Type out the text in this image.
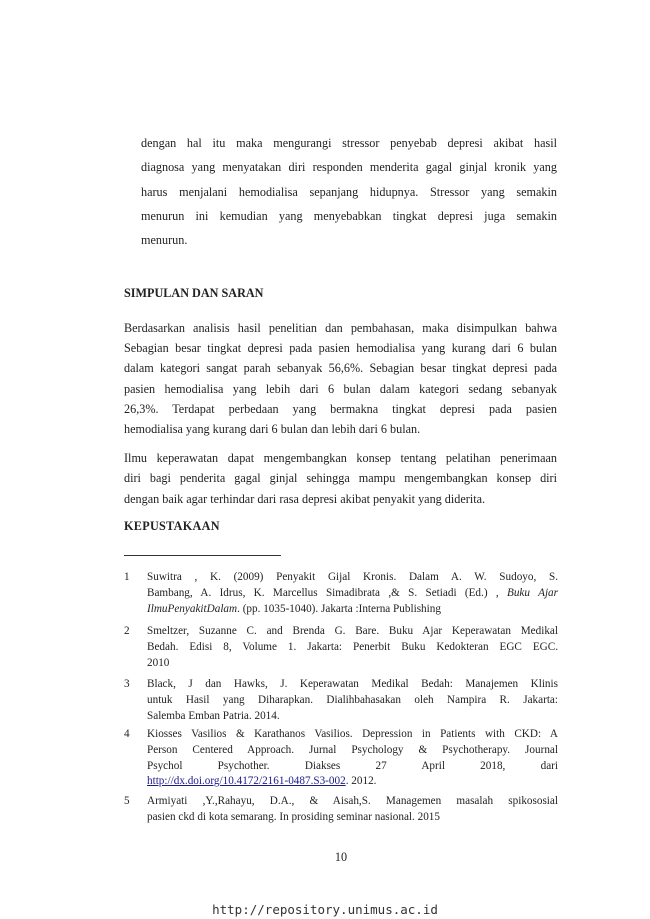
dengan hal itu maka mengurangi stressor penyebab depresi akibat hasil
diagnosa yang menyatakan diri responden menderita gagal ginjal kronik yang
harus menjalani hemodialisa sepanjang hidupnya. Stressor yang semakin
menurun ini kemudian yang menyebabkan tingkat depresi juga semakin
menurun.
SIMPULAN DAN SARAN
Berdasarkan analisis hasil penelitian dan pembahasan, maka disimpulkan bahwa
Sebagian besar tingkat depresi pada pasien hemodialisa yang kurang dari 6 bulan
dalam kategori sangat parah sebanyak 56,6%. Sebagian besar tingkat depresi pada
pasien hemodialisa yang lebih dari 6 bulan dalam kategori sedang sebanyak
26,3%. Terdapat perbedaan yang bermakna tingkat depresi pada pasien
hemodialisa yang kurang dari 6 bulan dan lebih dari 6 bulan.
Ilmu keperawatan dapat mengembangkan konsep tentang pelatihan penerimaan
diri bagi penderita gagal ginjal sehingga mampu mengembangkan konsep diri
dengan baik agar terhindar dari rasa depresi akibat penyakit yang diderita.
KEPUSTAKAAN
1 Suwitra , K. (2009) Penyakit Gijal Kronis. Dalam A. W. Sudoyo, S.
Bambang, A. Idrus, K. Marcellus Simadibrata ,& S. Setiadi (Ed.) , Buku Ajar
IlmuPenyakitDalam. (pp. 1035-1040). Jakarta :Interna Publishing
2 Smeltzer, Suzanne C. and Brenda G. Bare. Buku Ajar Keperawatan Medikal
Bedah. Edisi 8, Volume 1. Jakarta: Penerbit Buku Kedokteran EGC EGC.
2010
3 Black, J dan Hawks, J. Keperawatan Medikal Bedah: Manajemen Klinis
untuk Hasil yang Diharapkan. Dialihbahasakan oleh Nampira R. Jakarta:
Salemba Emban Patria. 2014.
4 Kiosses Vasilios & Karathanos Vasilios. Depression in Patients with CKD: A
Person Centered Approach. Jurnal Psychology & Psychotherapy. Journal
Psychol Psychother. Diakses 27 April 2018, dari
http://dx.doi.org/10.4172/2161-0487.S3-002. 2012.
5 Armiyati ,Y.,Rahayu, D.A., & Aisah,S. Managemen masalah spikososial
pasien ckd di kota semarang. In prosiding seminar nasional. 2015
10
http://repository.unimus.ac.id
